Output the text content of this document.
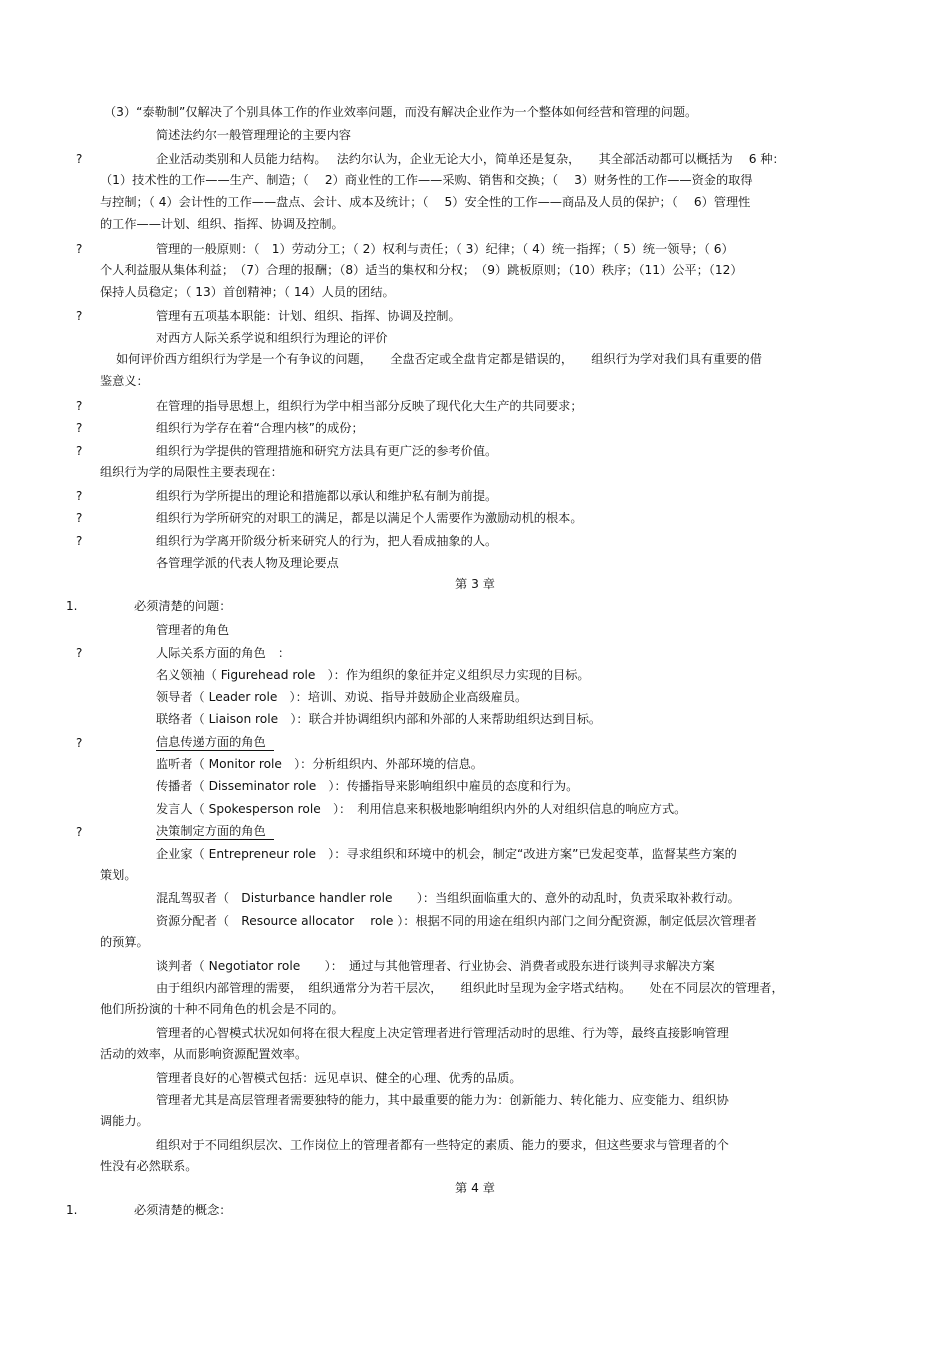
（3）“泰勒制”仅解决了个别具体工作的作业效率问题，而没有解决企业作为一个整体如何经营和管理的问题。
简述法约尔一般管理理论的主要内容
?	企业活动类别和人员能力结构。　 法约尔认为，企业无论大小，简单还是复杂，　　其全部活动都可以概括为　 6 种：
（1）技术性的工作——生产、制造；（　 2）商业性的工作——采购、销售和交换；（　 3）财务性的工作——资金的取得
与控制；（ 4）会计性的工作——盘点、会计、成本及统计；（　 5）安全性的工作——商品及人员的保护；（　 6）管理性
的工作——计划、组织、指挥、协调及控制。
?	管理的一般原则：（　1）劳动分工；（ 2）权利与责任；（ 3）纪律；（ 4）统一指挥；（ 5）统一领导；（ 6）
个人利益服从集体利益；　（7）合理的报酬；（8）适当的集权和分权；　（9）跳板原则；（10）秩序；（11）公平；（12）
保持人员稳定；（ 13）首创精神；（ 14）人员的团结。
?	管理有五项基本职能：计划、组织、指挥、协调及控制。
对西方人际关系学说和组织行为理论的评价
如何评价西方组织行为学是一个有争议的问题，　　全盘否定或全盘肯定都是错误的，　　组织行为学对我们具有重要的借
鉴意义：
?	在管理的指导思想上，组织行为学中相当部分反映了现代化大生产的共同要求；
?	组织行为学存在着“合理内核”的成份；
?	组织行为学提供的管理措施和研究方法具有更广泛的参考价值。
组织行为学的局限性主要表现在：
?	组织行为学所提出的理论和措施都以承认和维护私有制为前提。
?	组织行为学所研究的对职工的满足，都是以满足个人需要作为激励动机的根本。
?	组织行为学离开阶级分析来研究人的行为，把人看成抽象的人。
各管理学派的代表人物及理论要点
第 3 章
1.	必须清楚的问题：
管理者的角色
?	人际关系方面的角色　：
名义领袖（ Figurehead role　）：作为组织的象征并定义组织尽力实现的目标。
领导者（ Leader role　）：培训、劝说、指导并鼓励企业高级雇员。
联络者（ Liaison role　）：联合并协调组织内部和外部的人来帮助组织达到目标。
?	信息传递方面的角色
监听者（ Monitor role　）：分析组织内、外部环境的信息。
传播者（ Disseminator role　）：传播指导来影响组织中雇员的态度和行为。
发言人（ Spokesperson role　）：　利用信息来积极地影响组织内外的人对组织信息的响应方式。
?	决策制定方面的角色
企业家（ Entrepreneur role　）：寻求组织和环境中的机会，制定“改进方案”已发起变革，监督某些方案的
策划。
混乱驾驭者（　Disturbance handler role　　）：当组织面临重大的、意外的动乱时，负责采取补救行动。
资源分配者（　Resource allocator　 role ）：根据不同的用途在组织内部门之间分配资源，制定低层次管理者
的预算。
谈判者（ Negotiator role　　）：　通过与其他管理者、行业协会、消费者或股东进行谈判寻求解决方案
由于组织内部管理的需要，　组织通常分为若干层次，　　组织此时呈现为金字塔式结构。　　处在不同层次的管理者，
他们所扮演的十种不同角色的机会是不同的。
管理者的心智模式状况如何将在很大程度上决定管理者进行管理活动时的思维、行为等，最终直接影响管理
活动的效率，从而影响资源配置效率。
管理者良好的心智模式包括：远见卓识、健全的心理、优秀的品质。
管理者尤其是高层管理者需要独特的能力，其中最重要的能力为：创新能力、转化能力、应变能力、组织协
调能力。
组织对于不同组织层次、工作岗位上的管理者都有一些特定的素质、能力的要求，但这些要求与管理者的个
性没有必然联系。
第 4 章
1.	必须清楚的概念：
